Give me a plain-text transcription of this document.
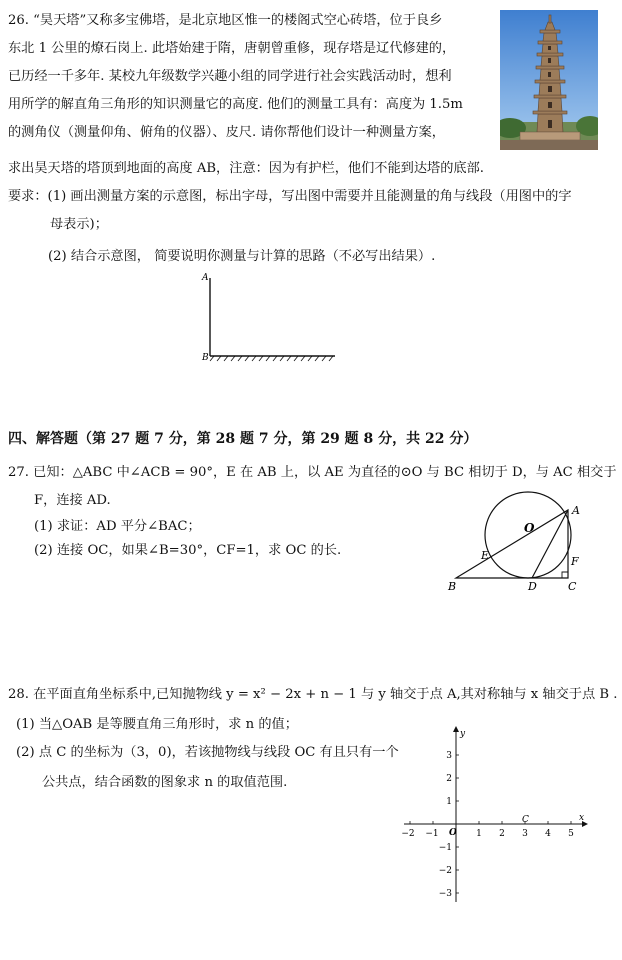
26. “昊天塔”又称多宝佛塔，是北京地区惟一的楼阁式空心砖塔，位于良乡
东北 1 公里的燎石岗上. 此塔始建于隋，唐朝曾重修，现存塔是辽代修建的，
已历经一千多年. 某校九年级数学兴趣小组的同学进行社会实践活动时，想利
用所学的解直角三角形的知识测量它的高度. 他们的测量工具有：高度为 1.5m
的测角仪（测量仰角、俯角的仪器）、皮尺. 请你帮他们设计一种测量方案，
求出昊天塔的塔顶到地面的高度 AB，注意：因为有护栏，他们不能到达塔的底部.
要求：(1) 画出测量方案的示意图，标出字母，写出图中需要并且能测量的角与线段（用图中的字
母表示)；
(2) 结合示意图， 简要说明你测量与计算的思路（不必写出结果）.
A
B
四、解答题（第 27 题 7 分，第 28 题 7 分，第 29 题 8 分，共 22 分）
27. 已知：△ABC 中∠ACB = 90°，E 在 AB 上，以 AE 为直径的⊙O 与 BC 相切于 D，与 AC 相交于
F，连接 AD.
(1) 求证：AD 平分∠BAC；
(2) 连接 OC，如果∠B=30°，CF=1，求 OC 的长.
O
A
E	F
B	D	C
28. 在平面直角坐标系中,已知抛物线 y = x² − 2x + n − 1 与 y 轴交于点 A,其对称轴与 x 轴交于点 B .
(1) 当△OAB 是等腰直角三角形时，求 n 的值；
(2) 点 C 的坐标为（3，0)，若该抛物线与线段 OC 有且只有一个
公共点，结合函数的图象求 n 的取值范围.
−2 −1	1 2 3 4 5
3
2
1
−1
−2
−3
O
C	x
y
